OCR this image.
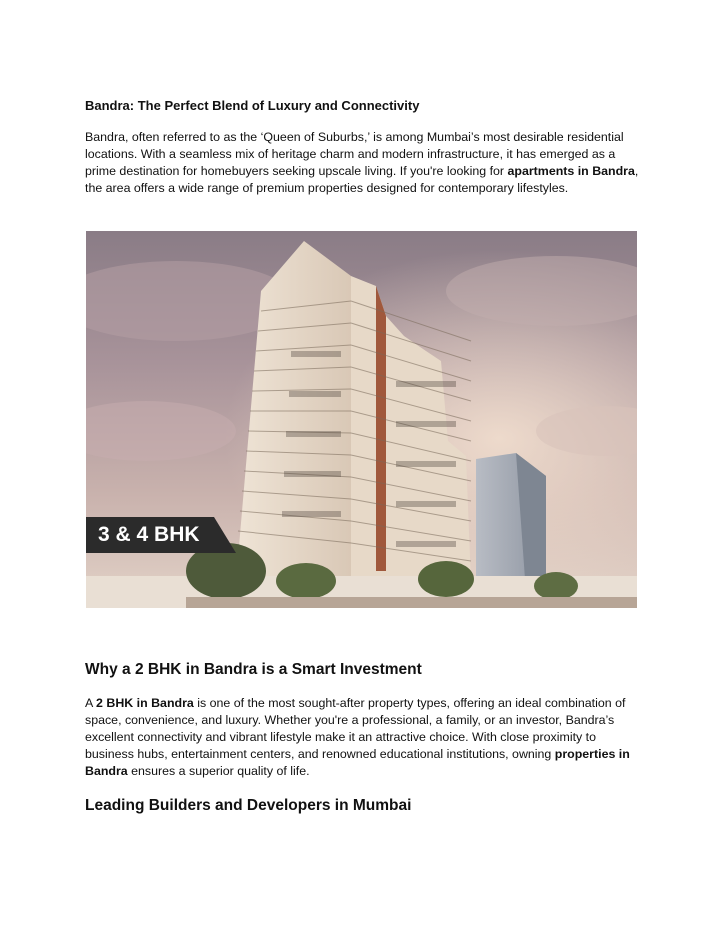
Bandra: The Perfect Blend of Luxury and Connectivity

Bandra, often referred to as the ‘Queen of Suburbs,’ is among Mumbai’s most desirable residential locations. With a seamless mix of heritage charm and modern infrastructure, it has emerged as a prime destination for homebuyers seeking upscale living. If you're looking for apartments in Bandra, the area offers a wide range of premium properties designed for contemporary lifestyles.

3 & 4 BHK
Why a 2 BHK in Bandra is a Smart Investment

A 2 BHK in Bandra is one of the most sought-after property types, offering an ideal combination of space, convenience, and luxury. Whether you're a professional, a family, or an investor, Bandra’s excellent connectivity and vibrant lifestyle make it an attractive choice. With close proximity to business hubs, entertainment centers, and renowned educational institutions, owning properties in Bandra ensures a superior quality of life.

Leading Builders and Developers in Mumbai
